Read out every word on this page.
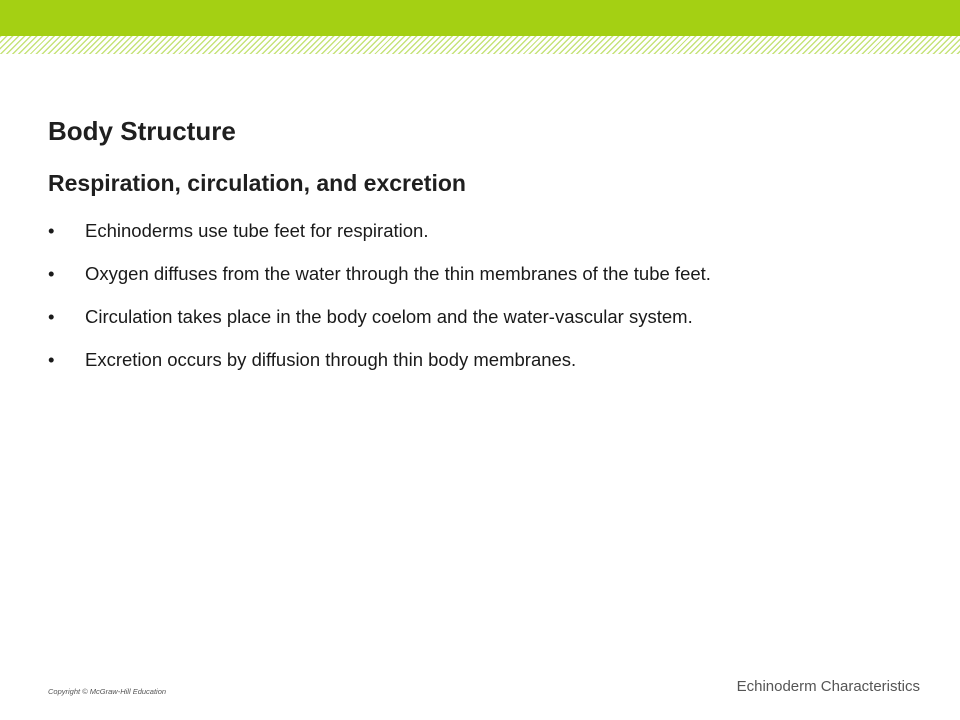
Body Structure
Respiration, circulation, and excretion
• Echinoderms use tube feet for respiration.
• Oxygen diffuses from the water through the thin membranes of the tube feet.
• Circulation takes place in the body coelom and the water-vascular system.
• Excretion occurs by diffusion through thin body membranes.
Copyright © McGraw-Hill Education	Echinoderm Characteristics
